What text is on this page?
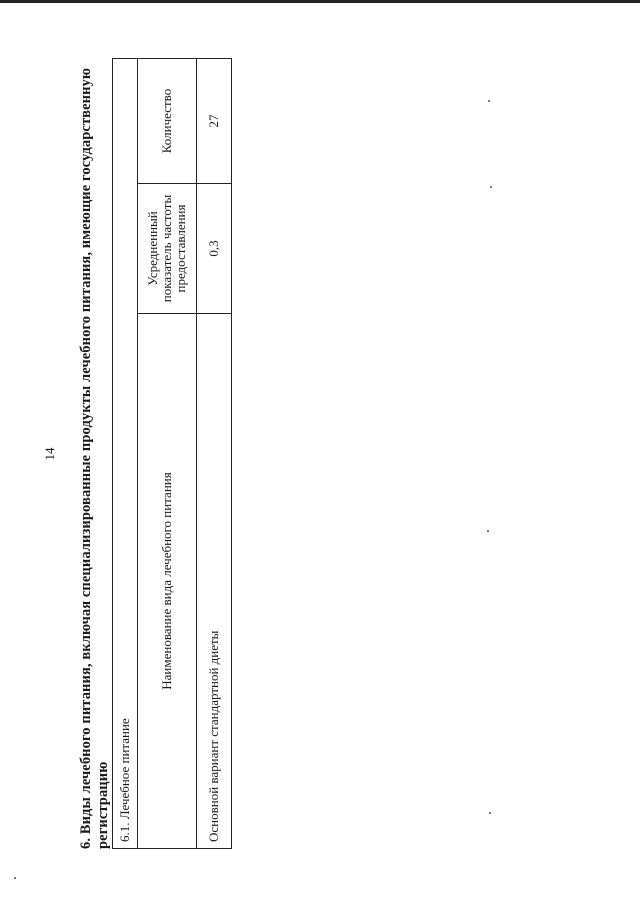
14 6. Виды лечебного питания, включая специализированные продукты лечебного питания, имеющие государственную регистрацию 6.1. Лечебное питание		
Наименование вида лечебного питания	Усредненный показатель частоты предоставления	Количество
Основной вариант стандартной диеты	0,3	27
